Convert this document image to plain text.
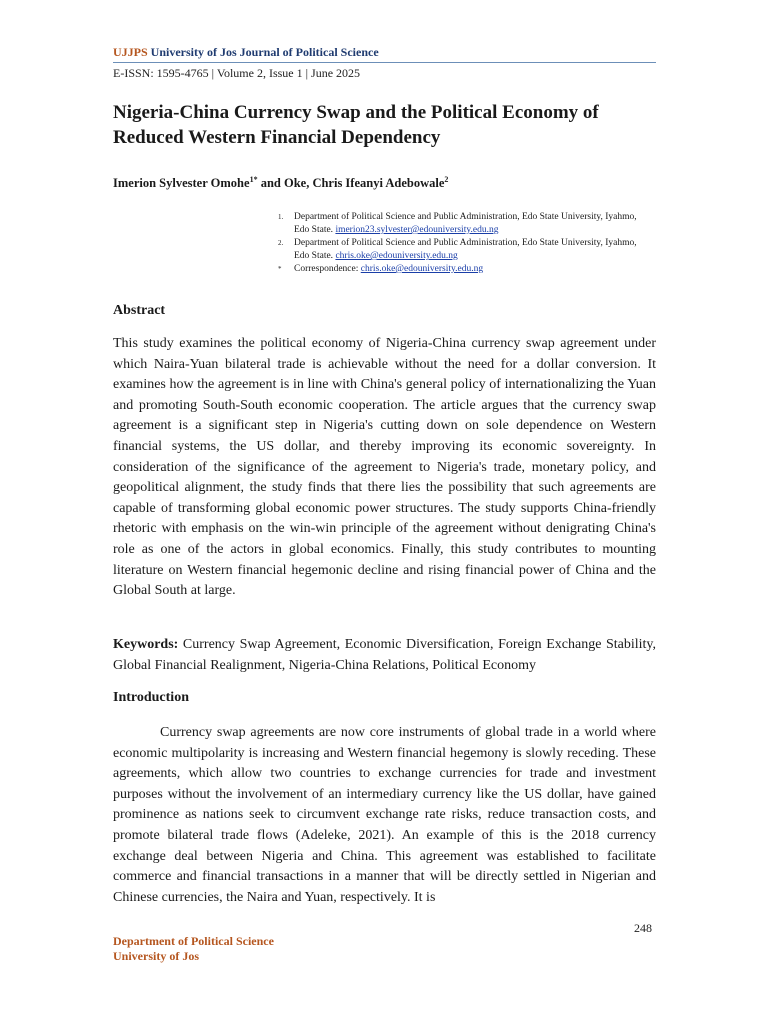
UJJPS University of Jos Journal of Political Science
E-ISSN: 1595-4765 | Volume 2, Issue 1 | June 2025
Nigeria-China Currency Swap and the Political Economy of Reduced Western Financial Dependency
Imerion Sylvester Omohe$^{1*}$ and Oke, Chris Ifeanyi Adebowale$^2$
1. Department of Political Science and Public Administration, Edo State University, Iyahmo, Edo State. imerion23.sylvester@edouniversity.edu.ng
2. Department of Political Science and Public Administration, Edo State University, Iyahmo, Edo State. chris.oke@edouniversity.edu.ng
* Correspondence: chris.oke@edouniversity.edu.ng
Abstract

This study examines the political economy of Nigeria-China currency swap agreement under which Naira-Yuan bilateral trade is achievable without the need for a dollar conversion. It examines how the agreement is in line with China's general policy of internationalizing the Yuan and promoting South-South economic cooperation. The article argues that the currency swap agreement is a significant step in Nigeria's cutting down on sole dependence on Western financial systems, the US dollar, and thereby improving its economic sovereignty. In consideration of the significance of the agreement to Nigeria's trade, monetary policy, and geopolitical alignment, the study finds that there lies the possibility that such agreements are capable of transforming global economic power structures. The study supports China-friendly rhetoric with emphasis on the win-win principle of the agreement without denigrating China's role as one of the actors in global economics. Finally, this study contributes to mounting literature on Western financial hegemonic decline and rising financial power of China and the Global South at large.

Keywords: Currency Swap Agreement, Economic Diversification, Foreign Exchange Stability, Global Financial Realignment, Nigeria-China Relations, Political Economy

Introduction

Currency swap agreements are now core instruments of global trade in a world where economic multipolarity is increasing and Western financial hegemony is slowly receding. These agreements, which allow two countries to exchange currencies for trade and investment purposes without the involvement of an intermediary currency like the US dollar, have gained prominence as nations seek to circumvent exchange rate risks, reduce transaction costs, and promote bilateral trade flows (Adeleke, 2021). An example of this is the 2018 currency exchange deal between Nigeria and China. This agreement was established to facilitate commerce and financial transactions in a manner that will be directly settled in Nigerian and Chinese currencies, the Naira and Yuan, respectively. It is

248
Department of Political Science
University of Jos
